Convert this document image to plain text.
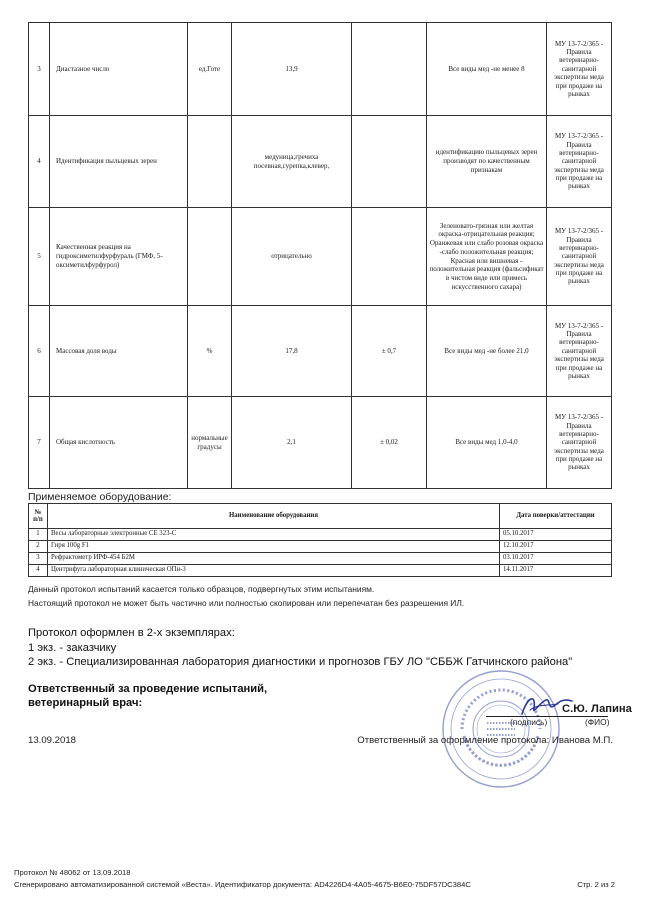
3	Диастазное число	ед.Готе	13,9		Все виды мед -не менее 8	МУ 13-7-2/365 - Правила ветеринарно-санитарной экспертизы меда при продаже на рынках
4	Идентификация пыльцевых зерен		медуница,гречиха посевная,сурепка,клевер,		идентификацию пыльцевых зерен производят по качественным признакам	МУ 13-7-2/365 - Правила ветеринарно-санитарной экспертизы меда при продаже на рынках
5	Качественная реакция на гидроксиметилфурфураль (ГМФ, 5-оксиметилфурфурол)		отрицательно		Зеленовато-грязная или желтая окраска-отрицательная реакция; Оранжевая или слабо розовая окраска -слабо положительная реакция; Красная или вишневая - положительная реакция (фальсификат в чистом виде или примесь искусственного сахара)	МУ 13-7-2/365 - Правила ветеринарно-санитарной экспертизы меда при продаже на рынках
6	Массовая доля воды	%	17,8	± 0,7	Все виды мед -не более 21,0	МУ 13-7-2/365 - Правила ветеринарно-санитарной экспертизы меда при продаже на рынках
7	Общая кислотность	нормальные градусы	2,1	± 0,02	Все виды мед 1,0-4,0	МУ 13-7-2/365 - Правила ветеринарно-санитарной экспертизы меда при продаже на рынках
Применяемое оборудование:
№ п/п	Наименование оборудования	Дата поверки/аттестации
1	Весы лабораторные электронные СЕ 323-С	05.10.2017
2	Гиря 100g F1	12.10.2017
3	Рефрактометр ИРФ-454 Б2М	03.10.2017
4	Центрифуга лабораторная клиническая ОПн-3	14.11.2017
Данный протокол испытаний касается только образцов, подвергнутых этим испытаниям.
Настоящий протокол не может быть частично или полностью скопирован или перепечатан без разрешения ИЛ.
Протокол оформлен в 2-х экземплярах:
1 экз. - заказчику
2 экз. - Специализированная лаборатория диагностики и прогнозов ГБУ ЛО "СББЖ Гатчинского района"
Ответственный за проведение испытаний,
ветеринарный врач:	С.Ю. Лапина
(подпись)	(ФИО)
13.09.2018	Ответственный за оформление протокола: Иванова М.П.
Протокол № 48062 от 13.09.2018
Сгенерировано автоматизированной системой «Веста». Идентификатор документа: AD4226D4-4A05-4675-B6E0-75DF57DC384C	Стр. 2 из 2
